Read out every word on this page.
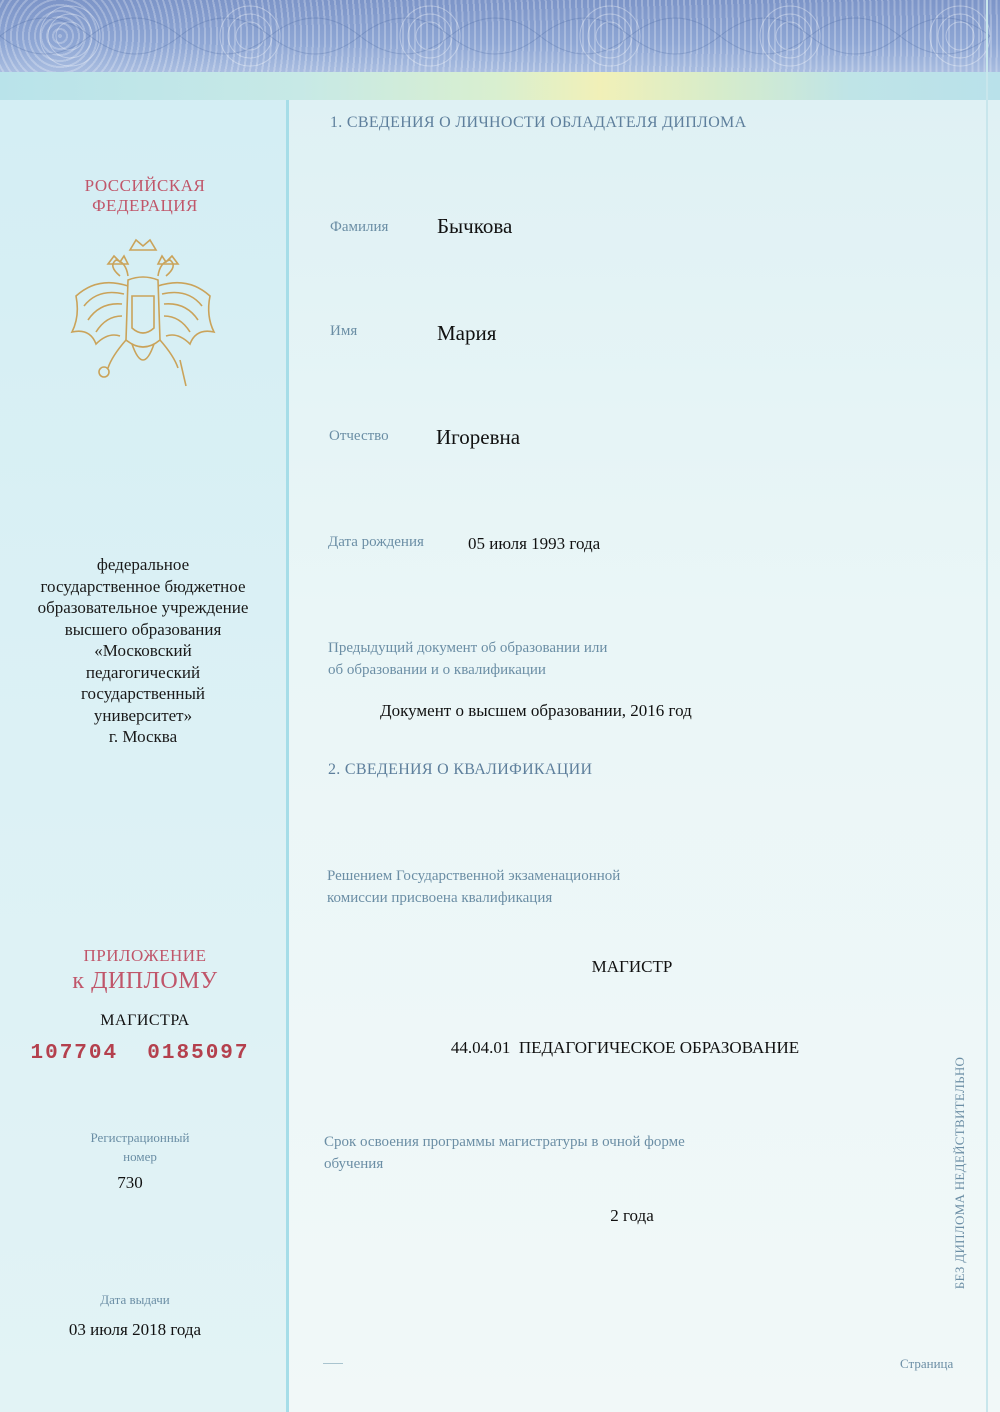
РОССИЙСКАЯ ФЕДЕРАЦИЯ
федеральное
государственное бюджетное
образовательное учреждение
высшего образования
«Московский
педагогический
государственный
университет»
г. Москва
ПРИЛОЖЕНИЕ
к ДИПЛОМУ
МАГИСТРА
107704  0185097
Регистрационный
номер
730
Дата выдачи
03 июля 2018 года
1. СВЕДЕНИЯ О ЛИЧНОСТИ ОБЛАДАТЕЛЯ ДИПЛОМА
Фамилия Бычкова
Имя	Мария
Отчество Игоревна
Дата рождения	05 июля 1993 года
Предыдущий документ об образовании или
об образовании и о квалификации
Документ о высшем образовании, 2016 год
2. СВЕДЕНИЯ О КВАЛИФИКАЦИИ
Решением Государственной экзаменационной
комиссии присвоена квалификация
МАГИСТР
44.04.01  ПЕДАГОГИЧЕСКОЕ ОБРАЗОВАНИЕ
Срок освоения программы магистратуры в очной форме
обучения
2 года	БЕЗ ДИПЛОМА НЕДЕЙСТВИТЕЛЬНО
Страница
